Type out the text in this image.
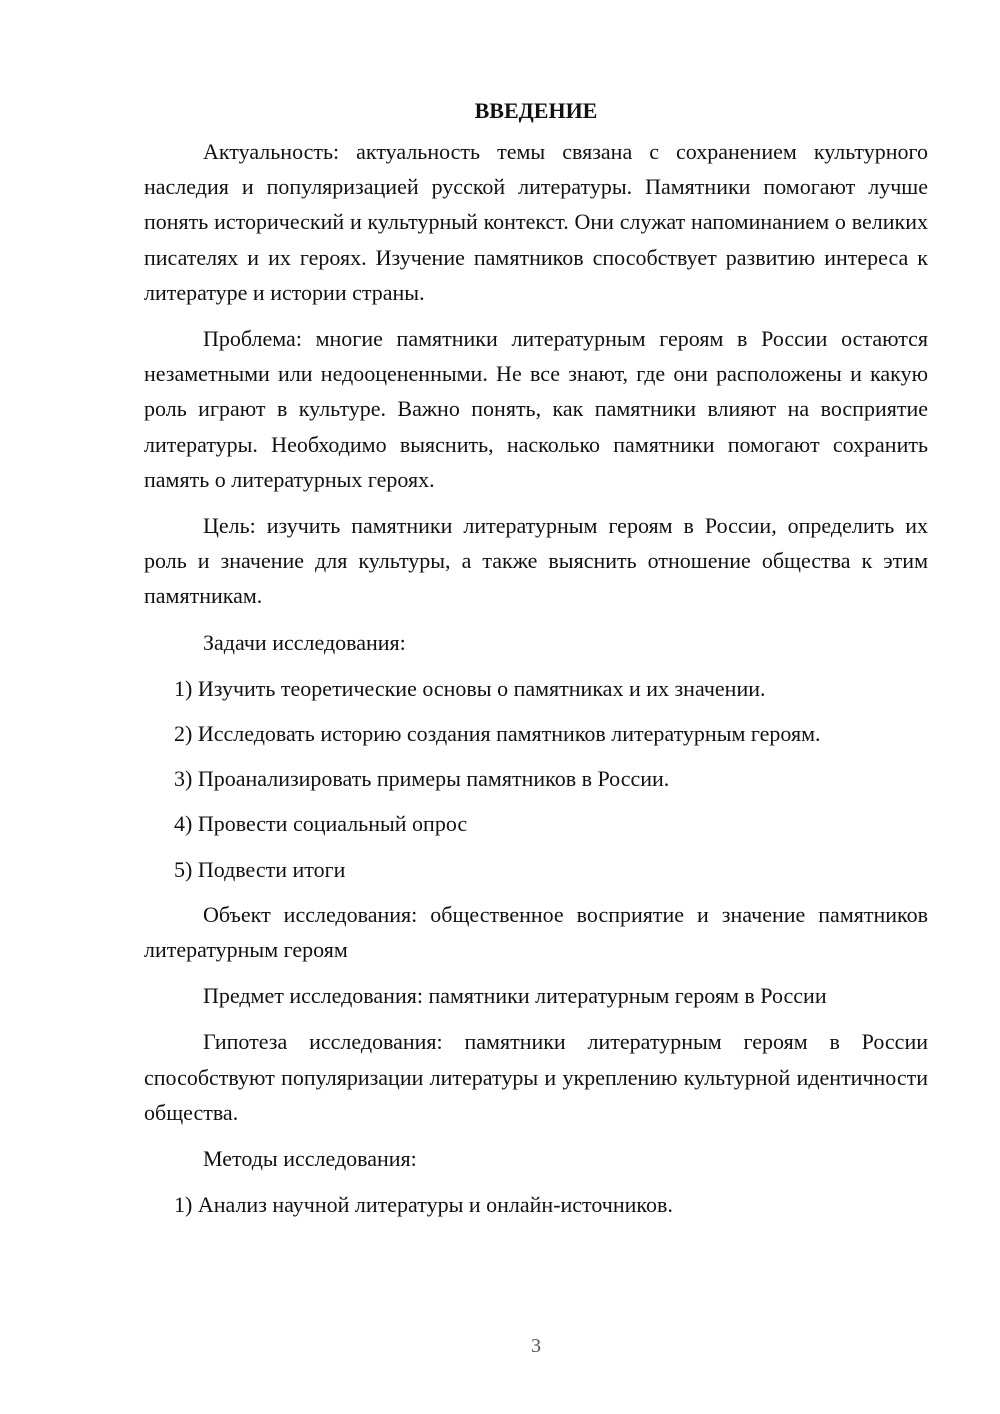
ВВЕДЕНИЕ

Актуальность: актуальность темы связана с сохранением культурного наследия и популяризацией русской литературы. Памятники помогают лучше понять исторический и культурный контекст. Они служат напоминанием о великих писателях и их героях. Изучение памятников способствует развитию интереса к литературе и истории страны.

Проблема: многие памятники литературным героям в России остаются незаметными или недооцененными. Не все знают, где они расположены и какую роль играют в культуре. Важно понять, как памятники влияют на восприятие литературы. Необходимо выяснить, насколько памятники помогают сохранить память о литературных героях.

Цель: изучить памятники литературным героям в России, определить их роль и значение для культуры, а также выяснить отношение общества к этим памятникам.

Задачи исследования:

1) Изучить теоретические основы о памятниках и их значении.
2) Исследовать историю создания памятников литературным героям.
3) Проанализировать примеры памятников в России.
4) Провести социальный опрос
5) Подвести итоги

Объект исследования: общественное восприятие и значение памятников литературным героям

Предмет исследования: памятники литературным героям в России

Гипотеза исследования: памятники литературным героям в России способствуют популяризации литературы и укреплению культурной идентичности общества.

Методы исследования:

1) Анализ научной литературы и онлайн-источников.
3
